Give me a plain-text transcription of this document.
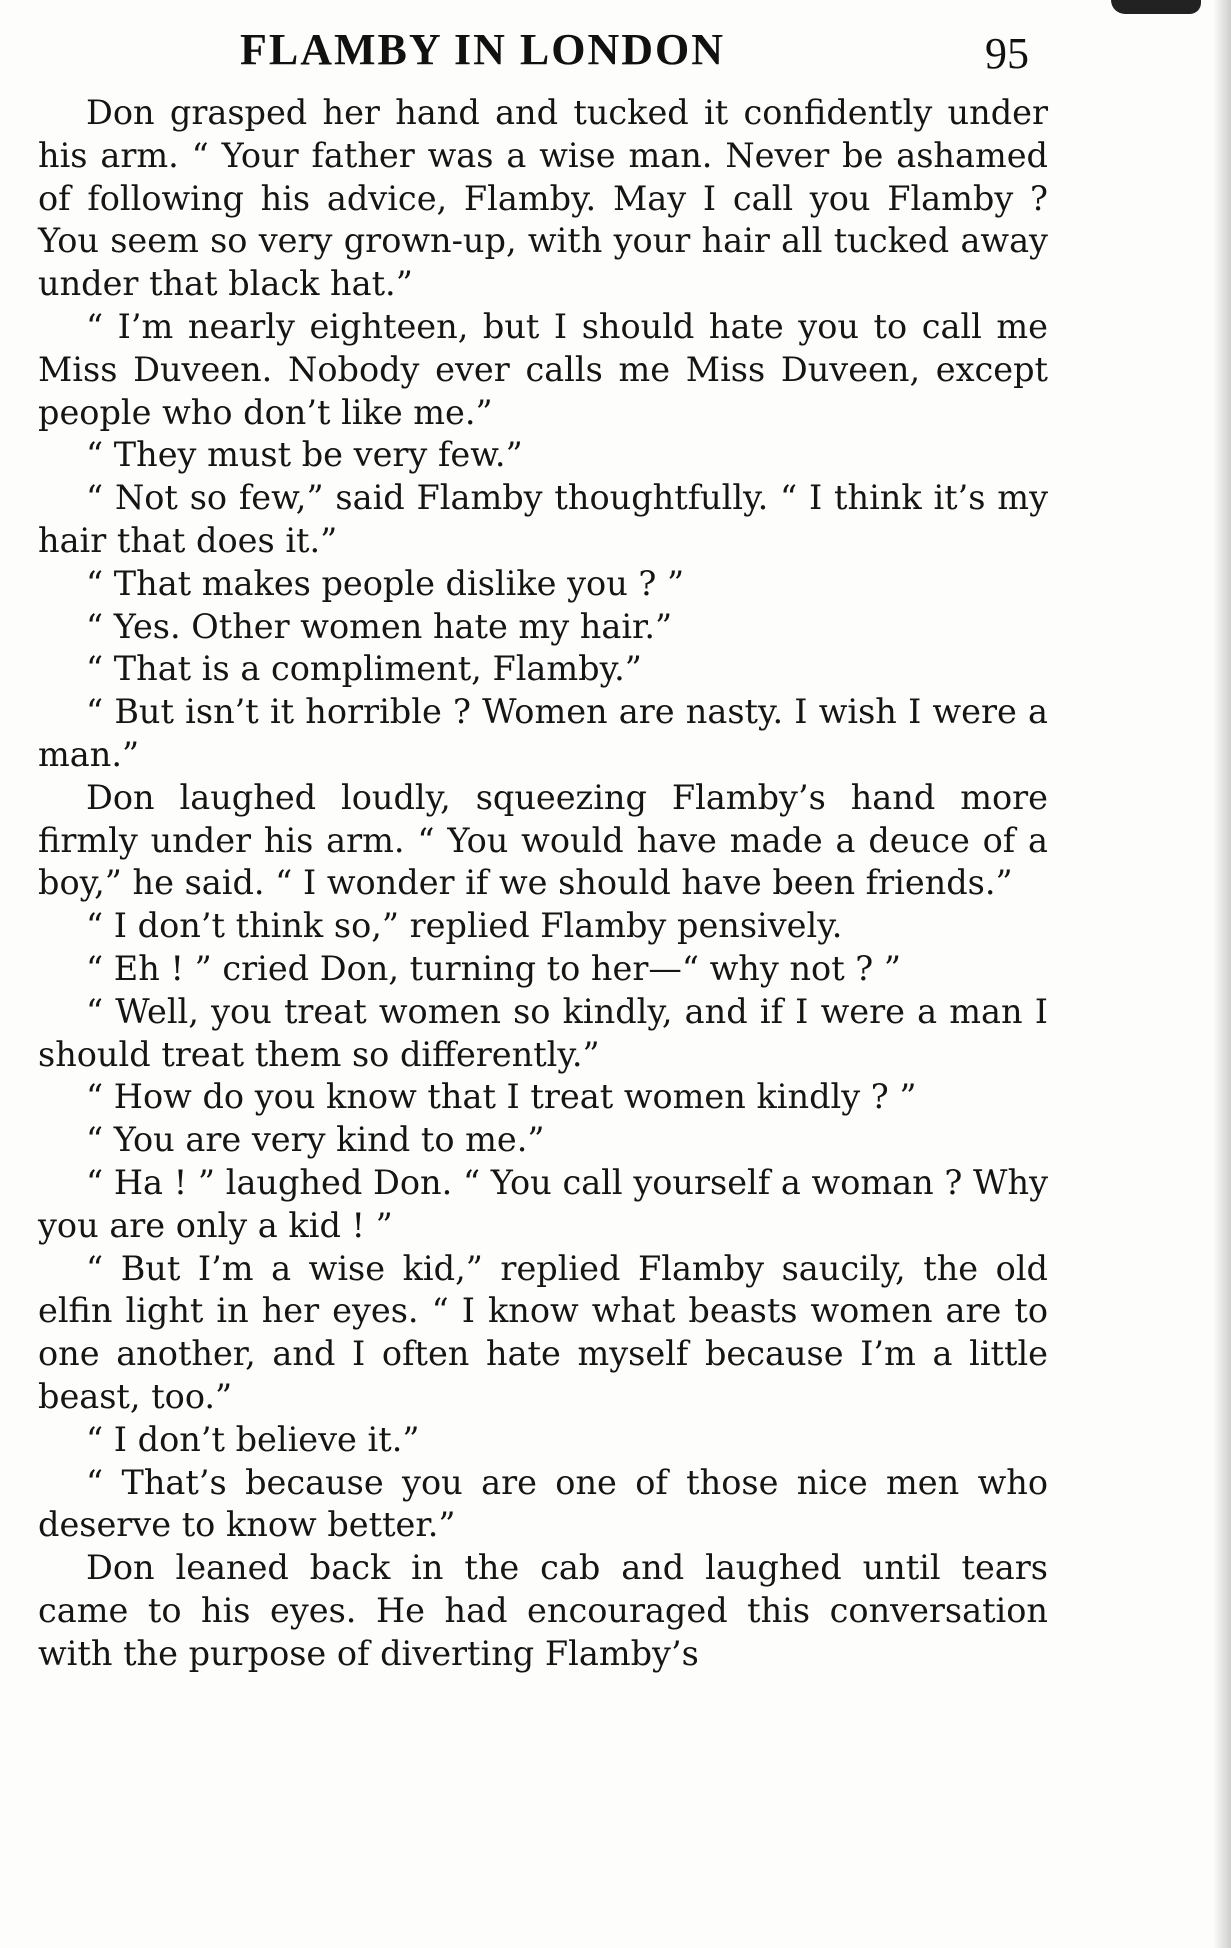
FLAMBY IN LONDON	95

Don grasped her hand and tucked it confidently under his arm. “ Your father was a wise man. Never be ashamed of following his advice, Flamby. May I call you Flamby ? You seem so very grown-up, with your hair all tucked away under that black hat.”

“ I’m nearly eighteen, but I should hate you to call me Miss Duveen. Nobody ever calls me Miss Duveen, except people who don’t like me.”

“ They must be very few.”

“ Not so few,” said Flamby thoughtfully. “ I think it’s my hair that does it.”

“ That makes people dislike you ? ”

“ Yes. Other women hate my hair.”

“ That is a compliment, Flamby.”

“ But isn’t it horrible ? Women are nasty. I wish I were a man.”

Don laughed loudly, squeezing Flamby’s hand more firmly under his arm. “ You would have made a deuce of a boy,” he said. “ I wonder if we should have been friends.”

“ I don’t think so,” replied Flamby pensively.

“ Eh ! ” cried Don, turning to her—“ why not ? ”

“ Well, you treat women so kindly, and if I were a man I should treat them so differently.”

“ How do you know that I treat women kindly ? ”

“ You are very kind to me.”

“ Ha ! ” laughed Don. “ You call yourself a woman ? Why you are only a kid ! ”

“ But I’m a wise kid,” replied Flamby saucily, the old elfin light in her eyes. “ I know what beasts women are to one another, and I often hate myself because I’m a little beast, too.”

“ I don’t believe it.”

“ That’s because you are one of those nice men who deserve to know better.”

Don leaned back in the cab and laughed until tears came to his eyes. He had encouraged this conversation with the purpose of diverting Flamby’s
